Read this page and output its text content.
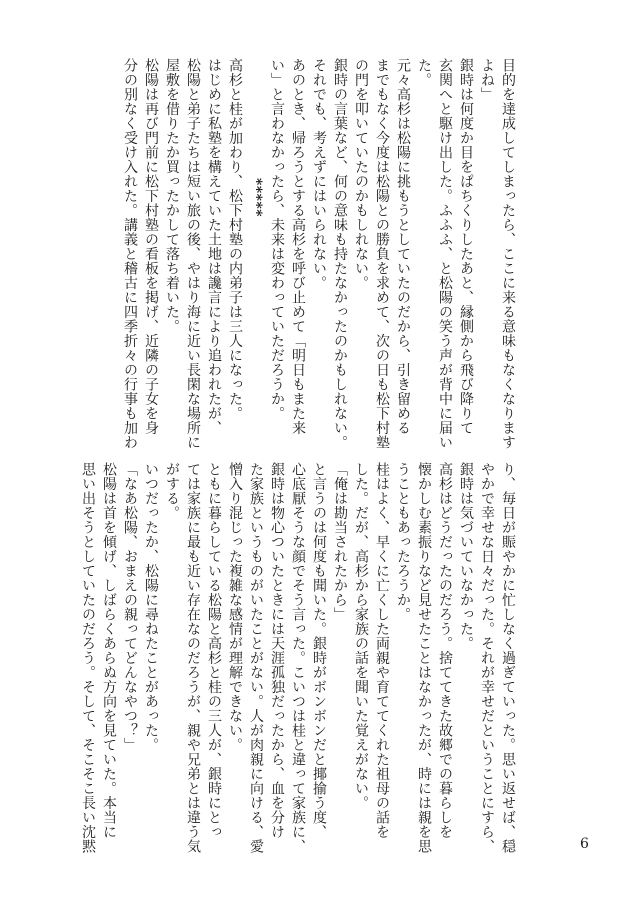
目的を達成してしまったら、ここに来る意味もなくなります
よね」
銀時は何度か目をぱちくりしたあと、縁側から飛び降りて
玄関へと駆け出した。ふふふ、と松陽の笑う声が背中に届い
た。
元々高杉は松陽に挑もうとしていたのだから、引き留める
までもなく今度は松陽との勝負を求めて、次の日も松下村塾
の門を叩いていたのかもしれない。
銀時の言葉など、何の意味も持たなかったのかもしれない。
それでも、考えずにはいられない。
あのとき、帰ろうとする高杉を呼び止めて「明日もまた来
い」と言わなかったら、未来は変わっていただろうか。
*****
高杉と桂が加わり、松下村塾の内弟子は三人になった。
はじめに私塾を構えていた土地は讒言により追われたが、
松陽と弟子たちは短い旅の後、やはり海に近い長閑な場所に
屋敷を借りたか買ったかして落ち着いた。
松陽は再び門前に松下村塾の看板を掲げ、近隣の子女を身
分の別なく受け入れた。講義と稽古に四季折々の行事も加わ
り、毎日が賑やかに忙しなく過ぎていった。思い返せば、穏
やかで幸せな日々だった。それが幸せだということにすら、
銀時は気づいていなかった。
高杉はどうだったのだろう。捨ててきた故郷での暮らしを
懐かしむ素振りなど見せたことはなかったが、時には親を思
うこともあったろうか。
桂はよく、早くに亡くした両親や育ててくれた祖母の話を
した。だが、高杉から家族の話を聞いた覚えがない。
「俺は勘当されたから」
と言うのは何度も聞いた。銀時がボンボンだと揶揄う度、
心底厭そうな顔でそう言った。こいつは桂と違って家族に、
銀時は物心ついたときには天涯孤独だったから、血を分け
た家族というものがいたことがない。人が肉親に向ける、愛
憎入り混じった複雑な感情が理解できない。
ともに暮らしている松陽と高杉と桂の三人が、銀時にとっ
ては家族に最も近い存在なのだろうが、親や兄弟とは違う気
がする。
いつだったか、松陽に尋ねたことがあった。
「なあ松陽、おまえの親ってどんなやつ？」
松陽は首を傾げ、しばらくあらぬ方向を見ていた。本当に
思い出そうとしていたのだろう。そして、そこそこ長い沈黙	6
